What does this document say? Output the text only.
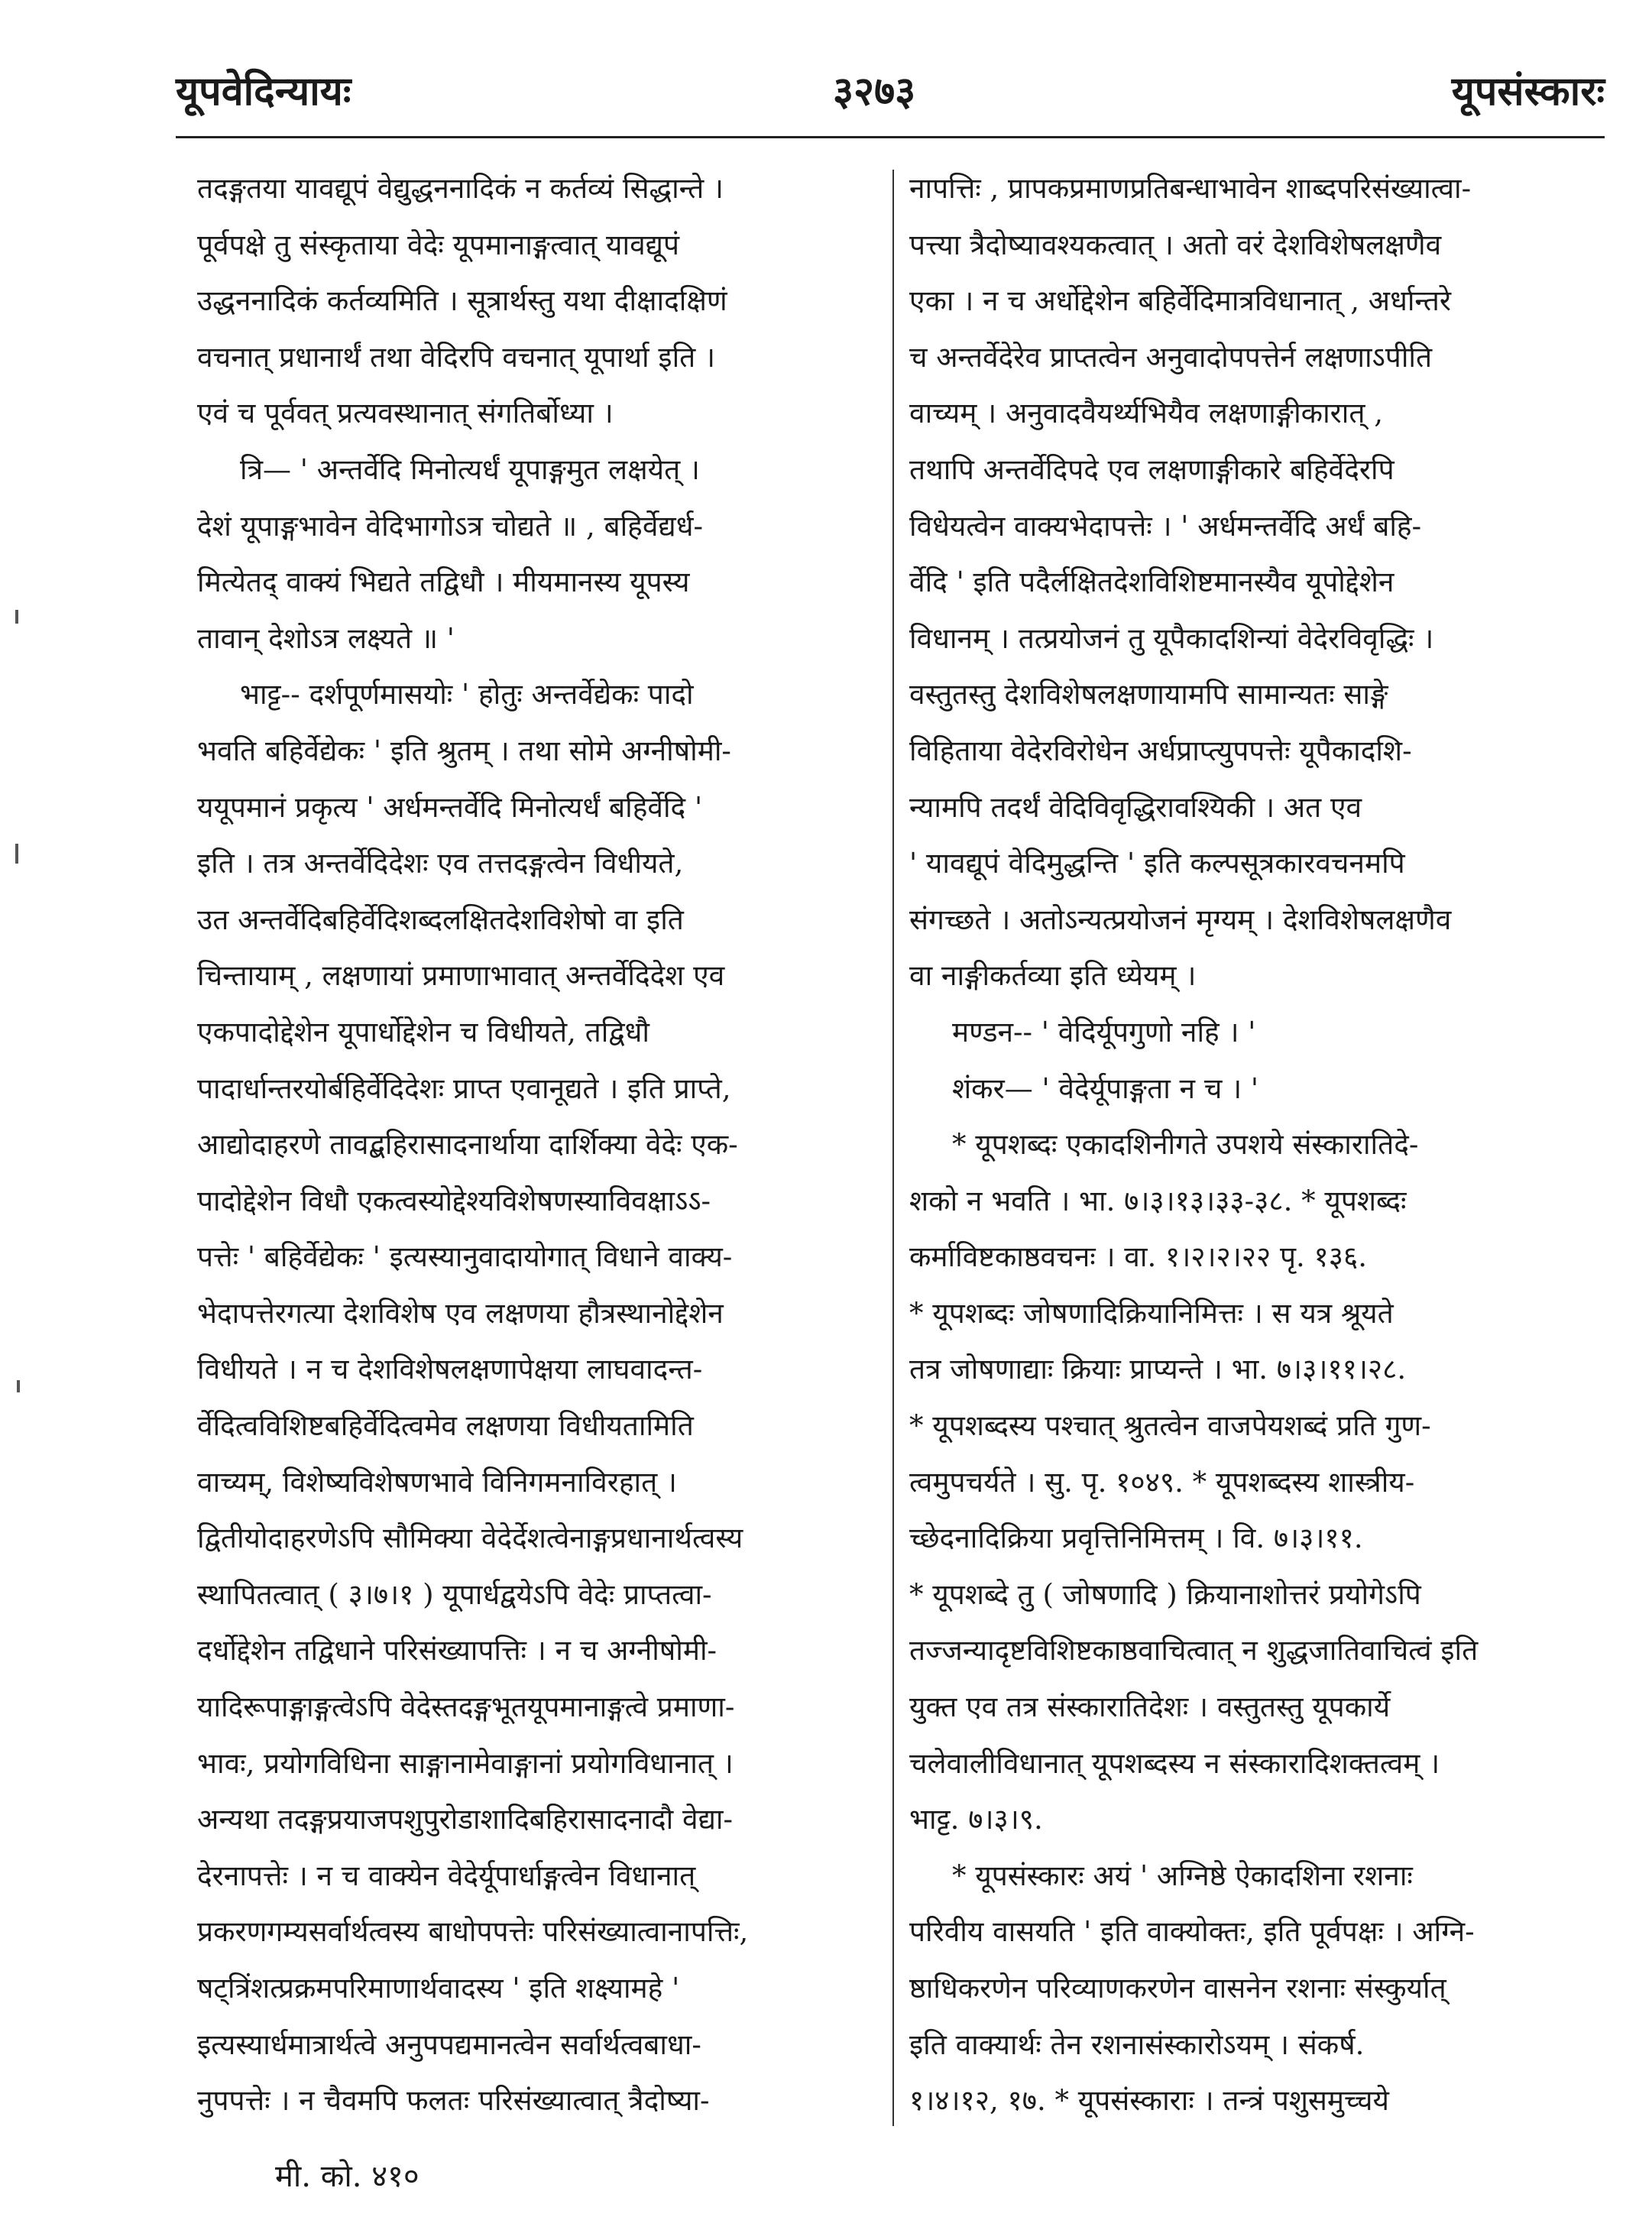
यूपवेदिन्यायः	३२७३	यूपसंस्कारः
तदङ्गतया यावद्यूपं वेद्युद्धननादिकं न कर्तव्यं सिद्धान्ते ।
पूर्वपक्षे तु संस्कृताया वेदेः यूपमानाङ्गत्वात् यावद्यूपं
उद्धननादिकं कर्तव्यमिति । सूत्रार्थस्तु यथा दीक्षादक्षिणं
वचनात् प्रधानार्थं तथा वेदिरपि वचनात् यूपार्था इति ।
एवं च पूर्ववत् प्रत्यवस्थानात् संगतिर्बोध्या ।
त्रि— ' अन्तर्वेदि मिनोत्यर्धं यूपाङ्गमुत लक्षयेत् ।
देशं यूपाङ्गभावेन वेदिभागोऽत्र चोद्यते ॥ , बहिर्वेद्यर्ध-
मित्येतद् वाक्यं भिद्यते तद्विधौ । मीयमानस्य यूपस्य
तावान् देशोऽत्र लक्ष्यते ॥ '
भाट्ट-- दर्शपूर्णमासयोः ' होतुः अन्तर्वेद्येकः पादो
भवति बहिर्वेद्येकः ' इति श्रुतम् । तथा सोमे अग्नीषोमी-
ययूपमानं प्रकृत्य ' अर्धमन्तर्वेदि मिनोत्यर्धं बहिर्वेदि '
इति । तत्र अन्तर्वेदिदेशः एव तत्तदङ्गत्वेन विधीयते,
उत अन्तर्वेदिबहिर्वेदिशब्दलक्षितदेशविशेषो वा इति
चिन्तायाम् , लक्षणायां प्रमाणाभावात् अन्तर्वेदिदेश एव
एकपादोद्देशेन यूपार्धोद्देशेन च विधीयते, तद्विधौ
पादार्धान्तरयोर्बहिर्वेदिदेशः प्राप्त एवानूद्यते । इति प्राप्ते,
आद्योदाहरणे तावद्बहिरासादनार्थाया दार्शिक्या वेदेः एक-
पादोद्देशेन विधौ एकत्वस्योद्देश्यविशेषणस्याविवक्षाऽऽ-
पत्तेः ' बहिर्वेद्येकः ' इत्यस्यानुवादायोगात् विधाने वाक्य-
भेदापत्तेरगत्या देशविशेष एव लक्षणया हौत्रस्थानोद्देशेन
विधीयते । न च देशविशेषलक्षणापेक्षया लाघवादन्त-
र्वेदित्वविशिष्टबहिर्वेदित्वमेव लक्षणया विधीयतामिति
वाच्यम्, विशेष्यविशेषणभावे विनिगमनाविरहात् ।
द्वितीयोदाहरणेऽपि सौमिक्या वेदेर्देशत्वेनाङ्गप्रधानार्थत्वस्य
स्थापितत्वात् ( ३।७।१ ) यूपार्धद्वयेऽपि वेदेः प्राप्तत्वा-
दर्धोद्देशेन तद्विधाने परिसंख्यापत्तिः । न च अग्नीषोमी-
यादिरूपाङ्गाङ्गत्वेऽपि वेदेस्तदङ्गभूतयूपमानाङ्गत्वे प्रमाणा-
भावः, प्रयोगविधिना साङ्गानामेवाङ्गानां प्रयोगविधानात् ।
अन्यथा तदङ्गप्रयाजपशुपुरोडाशादिबहिरासादनादौ वेद्या-
देरनापत्तेः । न च वाक्येन वेदेर्यूपार्धाङ्गत्वेन विधानात्
प्रकरणगम्यसर्वार्थत्वस्य बाधोपपत्तेः परिसंख्यात्वानापत्तिः,
षट्त्रिंशत्प्रक्रमपरिमाणार्थवादस्य ' इति शक्ष्यामहे '
इत्यस्यार्धमात्रार्थत्वे अनुपपद्यमानत्वेन सर्वार्थत्वबाधा-
नुपपत्तेः । न चैवमपि फलतः परिसंख्यात्वात् त्रैदोष्या-
नापत्तिः , प्रापकप्रमाणप्रतिबन्धाभावेन शाब्दपरिसंख्यात्वा-
पत्त्या त्रैदोष्यावश्यकत्वात् । अतो वरं देशविशेषलक्षणैव
एका । न च अर्धोद्देशेन बहिर्वेदिमात्रविधानात् , अर्धान्तरे
च अन्तर्वेदेरेव प्राप्तत्वेन अनुवादोपपत्तेर्न लक्षणाऽपीति
वाच्यम् । अनुवादवैयर्थ्यभियैव लक्षणाङ्गीकारात् ,
तथापि अन्तर्वेदिपदे एव लक्षणाङ्गीकारे बहिर्वेदेरपि
विधेयत्वेन वाक्यभेदापत्तेः । ' अर्धमन्तर्वेदि अर्धं बहि-
र्वेदि ' इति पदैर्लक्षितदेशविशिष्टमानस्यैव यूपोद्देशेन
विधानम् । तत्प्रयोजनं तु यूपैकादशिन्यां वेदेरविवृद्धिः ।
वस्तुतस्तु देशविशेषलक्षणायामपि सामान्यतः साङ्गे
विहिताया वेदेरविरोधेन अर्धप्राप्त्युपपत्तेः यूपैकादशि-
न्यामपि तदर्थं वेदिविवृद्धिरावश्यिकी । अत एव
' यावद्यूपं वेदिमुद्धन्ति ' इति कल्पसूत्रकारवचनमपि
संगच्छते । अतोऽन्यत्प्रयोजनं मृग्यम् । देशविशेषलक्षणैव
वा नाङ्गीकर्तव्या इति ध्येयम् ।
मण्डन-- ' वेदिर्यूपगुणो नहि । '
शंकर— ' वेदेर्यूपाङ्गता न च । '
* यूपशब्दः एकादशिनीगते उपशये संस्कारातिदे-
शको न भवति । भा. ७।३।१३।३३-३८. * यूपशब्दः
कर्माविष्टकाष्ठवचनः । वा. १।२।२।२२ पृ. १३६.
* यूपशब्दः जोषणादिक्रियानिमित्तः । स यत्र श्रूयते
तत्र जोषणाद्याः क्रियाः प्राप्यन्ते । भा. ७।३।११।२८.
* यूपशब्दस्य पश्चात् श्रुतत्वेन वाजपेयशब्दं प्रति गुण-
त्वमुपचर्यते । सु. पृ. १०४९. * यूपशब्दस्य शास्त्रीय-
च्छेदनादिक्रिया प्रवृत्तिनिमित्तम् । वि. ७।३।११.
* यूपशब्दे तु ( जोषणादि ) क्रियानाशोत्तरं प्रयोगेऽपि
तज्जन्यादृष्टविशिष्टकाष्ठवाचित्वात् न शुद्धजातिवाचित्वं इति
युक्त एव तत्र संस्कारातिदेशः । वस्तुतस्तु यूपकार्ये
चलेवालीविधानात् यूपशब्दस्य न संस्कारादिशक्तत्वम् ।
भाट्ट. ७।३।९.
* यूपसंस्कारः अयं ' अग्निष्ठे ऐकादशिना रशनाः
परिवीय वासयति ' इति वाक्योक्तः, इति पूर्वपक्षः । अग्नि-
ष्ठाधिकरणेन परिव्याणकरणेन वासनेन रशनाः संस्कुर्यात्
इति वाक्यार्थः तेन रशनासंस्कारोऽयम् । संकर्ष.
१।४।१२, १७. * यूपसंस्काराः । तन्त्रं पशुसमुच्चये
मी. को. ४१०
